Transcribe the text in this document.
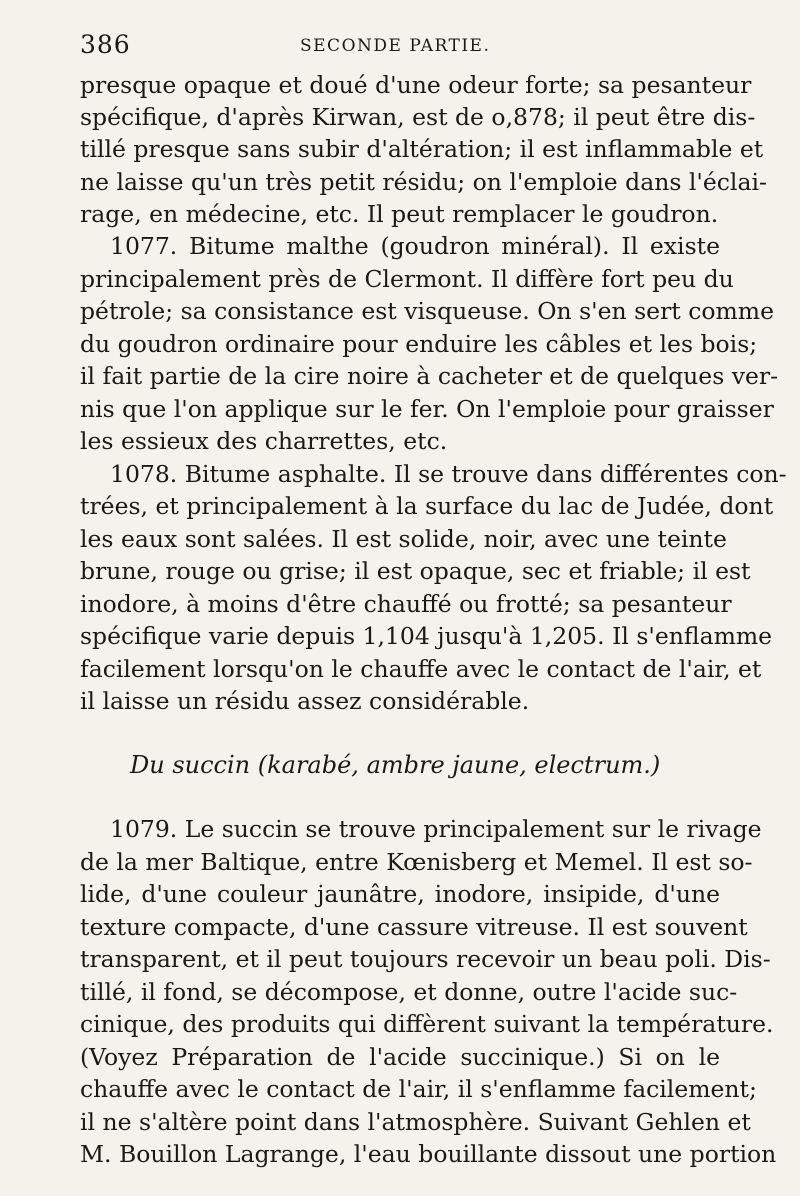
386	SECONDE PARTIE.
presque opaque et doué d'une odeur forte; sa pesanteur
spécifique, d'après Kirwan, est de o,878; il peut être dis-
tillé presque sans subir d'altération; il est inflammable et
ne laisse qu'un très petit résidu; on l'emploie dans l'éclai-
rage, en médecine, etc. Il peut remplacer le goudron.
1077. Bitume malthe (goudron minéral). Il existe
principalement près de Clermont. Il diffère fort peu du
pétrole; sa consistance est visqueuse. On s'en sert comme
du goudron ordinaire pour enduire les câbles et les bois;
il fait partie de la cire noire à cacheter et de quelques ver-
nis que l'on applique sur le fer. On l'emploie pour graisser
les essieux des charrettes, etc.
1078. Bitume asphalte. Il se trouve dans différentes con-
trées, et principalement à la surface du lac de Judée, dont
les eaux sont salées. Il est solide, noir, avec une teinte
brune, rouge ou grise; il est opaque, sec et friable; il est
inodore, à moins d'être chauffé ou frotté; sa pesanteur
spécifique varie depuis 1,104 jusqu'à 1,205. Il s'enflamme
facilement lorsqu'on le chauffe avec le contact de l'air, et
il laisse un résidu assez considérable.
Du succin (karabé, ambre jaune, electrum.)
1079. Le succin se trouve principalement sur le rivage
de la mer Baltique, entre Kœnisberg et Memel. Il est so-
lide, d'une couleur jaunâtre, inodore, insipide, d'une
texture compacte, d'une cassure vitreuse. Il est souvent
transparent, et il peut toujours recevoir un beau poli. Dis-
tillé, il fond, se décompose, et donne, outre l'acide suc-
cinique, des produits qui diffèrent suivant la température.
(Voyez Préparation de l'acide succinique.) Si on le
chauffe avec le contact de l'air, il s'enflamme facilement;
il ne s'altère point dans l'atmosphère. Suivant Gehlen et
M. Bouillon Lagrange, l'eau bouillante dissout une portion
